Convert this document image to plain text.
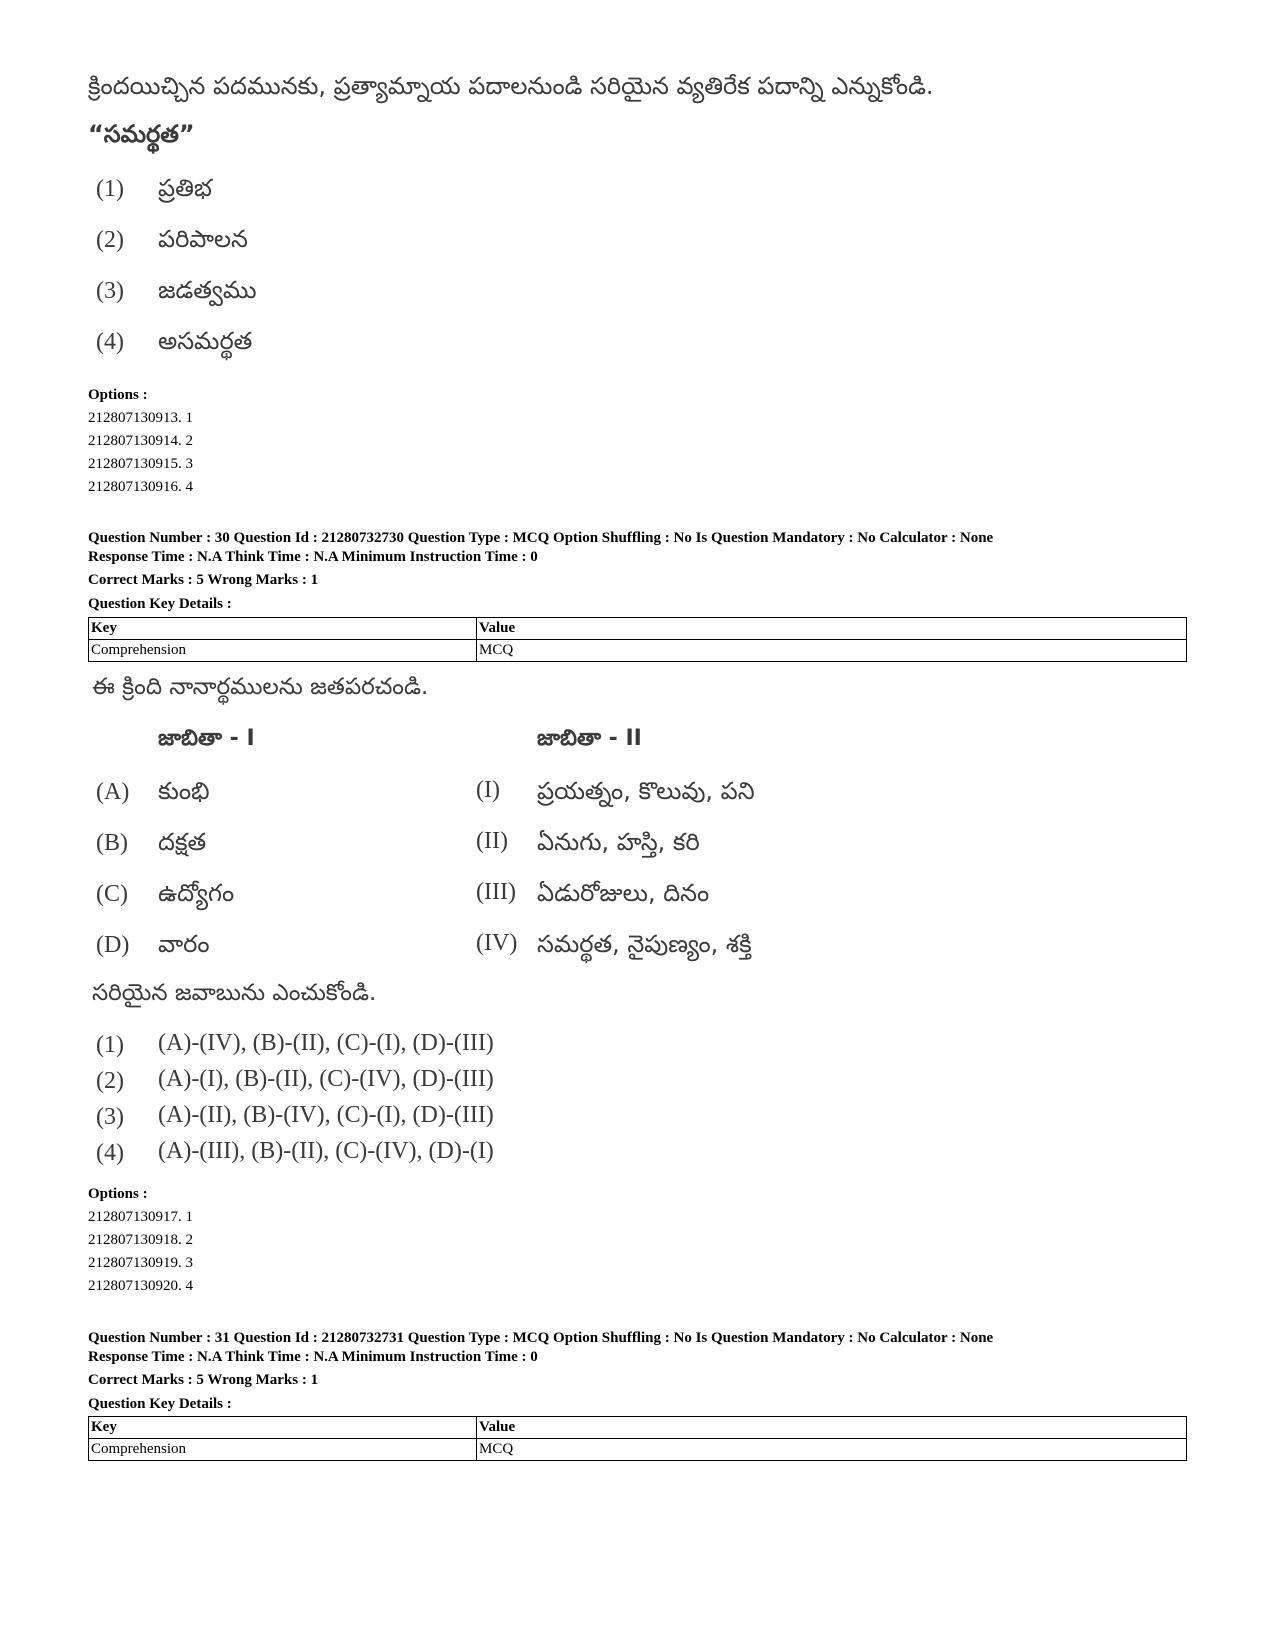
క్రిందయిచ్చిన పదమునకు, ప్రత్యామ్నాయ పదాలనుండి సరియైన వ్యతిరేక పదాన్ని ఎన్నుకోండి.
“సమర్థత”
(1) ప్రతిభ
(2) పరిపాలన
(3) జడత్వము
(4) అసమర్థత
Options :
212807130913. 1
212807130914. 2
212807130915. 3
212807130916. 4
Question Number : 30 Question Id : 21280732730 Question Type : MCQ Option Shuffling : No Is Question Mandatory : No Calculator : None
Response Time : N.A Think Time : N.A Minimum Instruction Time : 0
Correct Marks : 5 Wrong Marks : 1
Question Key Details :
Key	Value
Comprehension	MCQ
ఈ క్రింది నానార్థములను జతపరచండి.
జాబితా - I	జాబితా - II
(A) కుంభి	(I) ప్రయత్నం, కొలువు, పని
(B) దక్షత	(II) ఏనుగు, హస్తి, కరి
(C) ఉద్యోగం	(III) ఏడురోజులు, దినం
(D) వారం	(IV) సమర్థత, నైపుణ్యం, శక్తి
సరియైన జవాబును ఎంచుకోండి.
(1) (A)-(IV), (B)-(II), (C)-(I), (D)-(III)
(2) (A)-(I), (B)-(II), (C)-(IV), (D)-(III)
(3) (A)-(II), (B)-(IV), (C)-(I), (D)-(III)
(4) (A)-(III), (B)-(II), (C)-(IV), (D)-(I)
Options :
212807130917. 1
212807130918. 2
212807130919. 3
212807130920. 4
Question Number : 31 Question Id : 21280732731 Question Type : MCQ Option Shuffling : No Is Question Mandatory : No Calculator : None
Response Time : N.A Think Time : N.A Minimum Instruction Time : 0
Correct Marks : 5 Wrong Marks : 1
Question Key Details :
Key	Value
Comprehension	MCQ
